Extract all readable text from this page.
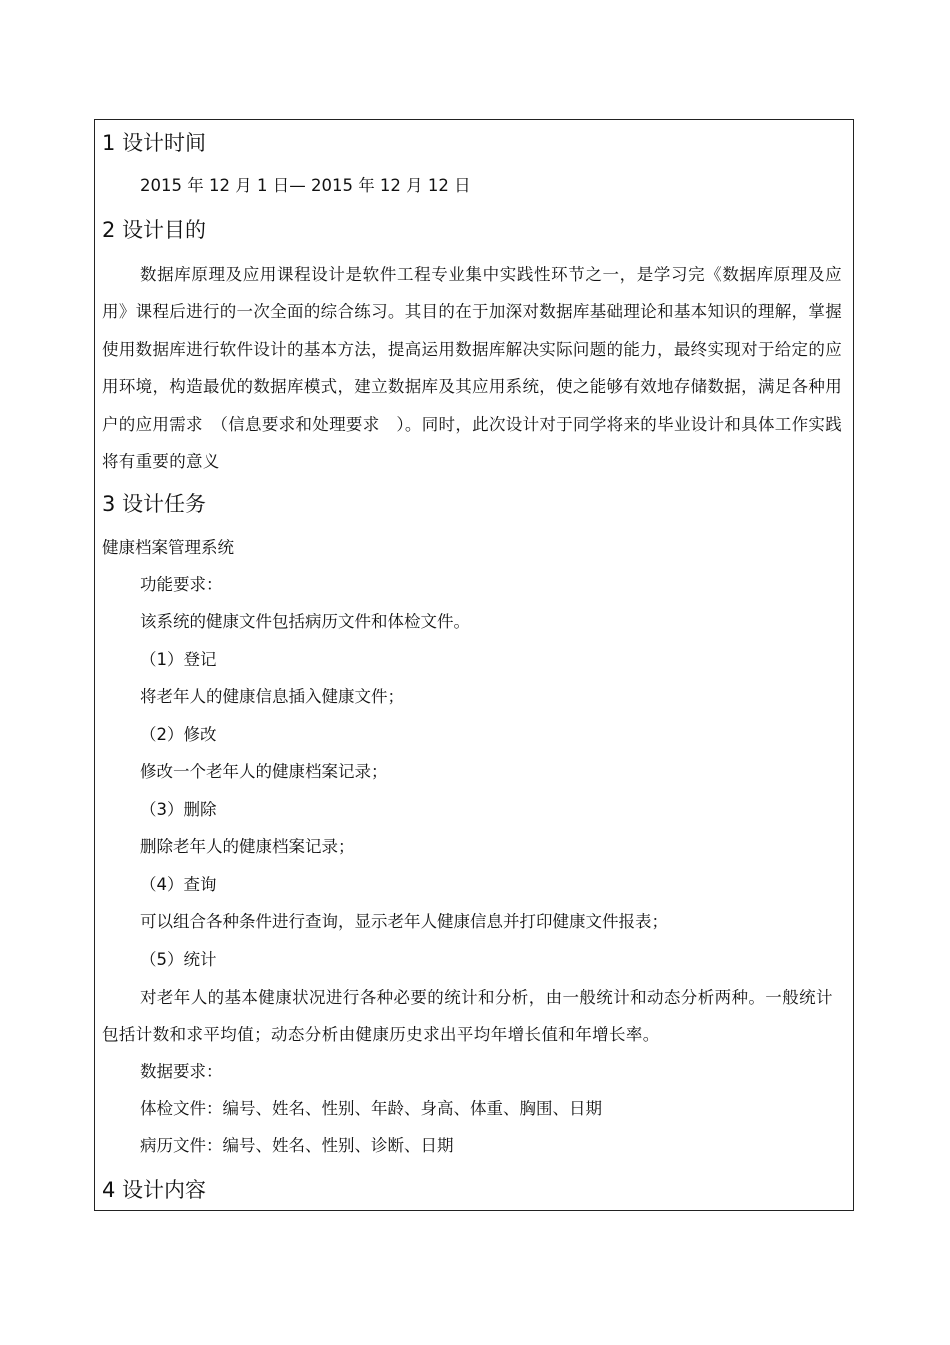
1 设计时间
2015 年 12 月 1 日— 2015 年 12 月 12 日
2 设计目的
数据库原理及应用课程设计是软件工程专业集中实践性环节之一，是学习完《数据库原理及应用》课程后进行的一次全面的综合练习。其目的在于加深对数据库基础理论和基本知识的理解，掌握使用数据库进行软件设计的基本方法，提高运用数据库解决实际问题的能力，最终实现对于给定的应用环境，构造最优的数据库模式，建立数据库及其应用系统，使之能够有效地存储数据，满足各种用户的应用需求　（信息要求和处理要求　）。同时，此次设计对于同学将来的毕业设计和具体工作实践将有重要的意义
3 设计任务
健康档案管理系统
功能要求：
该系统的健康文件包括病历文件和体检文件。
（1）登记
将老年人的健康信息插入健康文件；
（2）修改
修改一个老年人的健康档案记录；
（3）删除
删除老年人的健康档案记录；
（4）查询
可以组合各种条件进行查询，显示老年人健康信息并打印健康文件报表；
（5）统计
对老年人的基本健康状况进行各种必要的统计和分析，由一般统计和动态分析两种。一般统计包括计数和求平均值；动态分析由健康历史求出平均年增长值和年增长率。
数据要求：
体检文件：编号、姓名、性别、年龄、身高、体重、胸围、日期
病历文件：编号、姓名、性别、诊断、日期
4 设计内容
